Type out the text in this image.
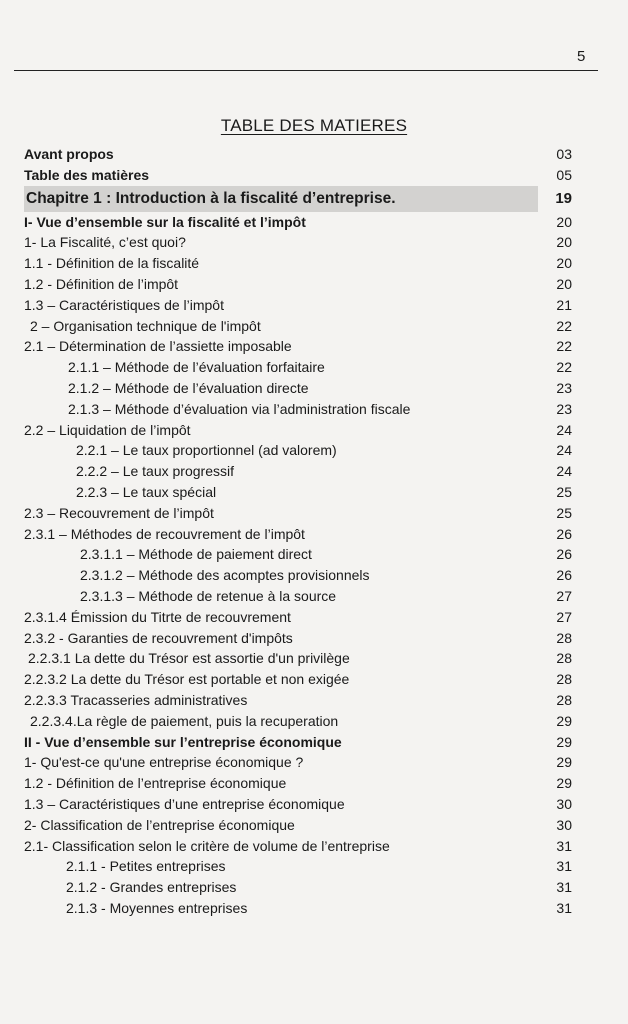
5
TABLE DES MATIERES
Avant propos	03
Table des matières	05
Chapitre 1 : Introduction à la fiscalité d’entreprise.	19
I- Vue d’ensemble sur la fiscalité et l’impôt	20
1- La Fiscalité, c’est quoi?	20
1.1 - Définition de la fiscalité	20
1.2 - Définition de l’impôt	20
1.3 – Caractéristiques de l’impôt	21
2 – Organisation technique de l'impôt	22
2.1 – Détermination de l’assiette imposable	22
2.1.1 – Méthode de l’évaluation forfaitaire	22
2.1.2 – Méthode de l’évaluation directe	23
2.1.3 – Méthode d’évaluation via l’administration fiscale	23
2.2 – Liquidation de l’impôt	24
2.2.1 – Le taux proportionnel (ad valorem)	24
2.2.2 – Le taux progressif	24
2.2.3 – Le taux spécial	25
2.3 – Recouvrement de l’impôt	25
2.3.1 – Méthodes de recouvrement de l’impôt	26
2.3.1.1 – Méthode de paiement direct	26
2.3.1.2 – Méthode des acomptes provisionnels	26
2.3.1.3 – Méthode de retenue à la source	27
2.3.1.4 Émission du Titrte de recouvrement	27
2.3.2 - Garanties de recouvrement d'impôts	28
2.2.3.1 La dette du Trésor est assortie d'un privilège	28
2.2.3.2 La dette du Trésor est portable et non exigée	28
2.2.3.3 Tracasseries administratives	28
2.2.3.4.La règle de paiement, puis la recuperation	29
II - Vue d’ensemble sur l’entreprise économique	29
1- Qu'est-ce qu'une entreprise économique ?	29
1.2 - Définition de l’entreprise économique	29
1.3 – Caractéristiques d’une entreprise économique	30
2- Classification de l’entreprise économique	30
2.1- Classification selon le critère de volume de l’entreprise	31
2.1.1 - Petites entreprises	31
2.1.2 - Grandes entreprises	31
2.1.3 - Moyennes entreprises	31
